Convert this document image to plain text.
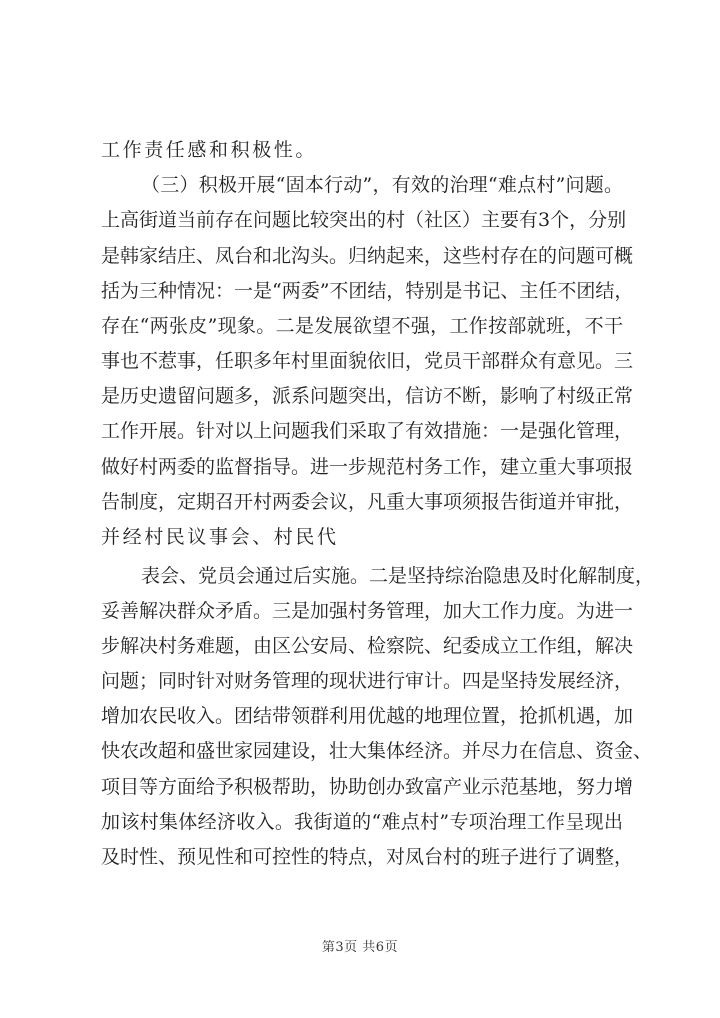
工作责任感和积极性。
（三）积极开展“固本行动”，有效的治理“难点村”问题。
上高街道当前存在问题比较突出的村（社区）主要有3个，分别
是韩家结庄、凤台和北沟头。归纳起来，这些村存在的问题可概
括为三种情况：一是“两委”不团结，特别是书记、主任不团结，
存在“两张皮”现象。二是发展欲望不强，工作按部就班，不干
事也不惹事，任职多年村里面貌依旧，党员干部群众有意见。三
是历史遗留问题多，派系问题突出，信访不断，影响了村级正常
工作开展。针对以上问题我们采取了有效措施：一是强化管理，
做好村两委的监督指导。进一步规范村务工作，建立重大事项报
告制度，定期召开村两委会议，凡重大事项须报告街道并审批，
并经村民议事会、村民代
表会、党员会通过后实施。二是坚持综治隐患及时化解制度，
妥善解决群众矛盾。三是加强村务管理，加大工作力度。为进一
步解决村务难题，由区公安局、检察院、纪委成立工作组，解决
问题；同时针对财务管理的现状进行审计。四是坚持发展经济，
增加农民收入。团结带领群利用优越的地理位置，抢抓机遇，加
快农改超和盛世家园建设，壮大集体经济。并尽力在信息、资金、
项目等方面给予积极帮助，协助创办致富产业示范基地，努力增
加该村集体经济收入。我街道的“难点村”专项治理工作呈现出
及时性、预见性和可控性的特点，对凤台村的班子进行了调整，
第3页 共6页
